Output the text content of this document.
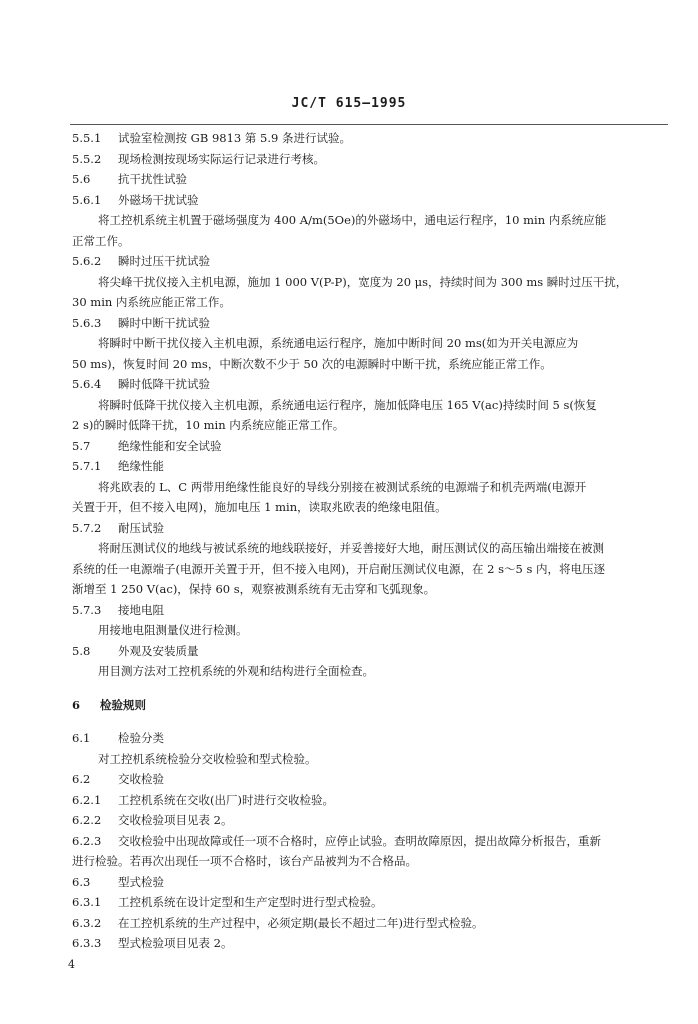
JC/T 615—1995
5.5.1 试验室检测按 GB 9813 第 5.9 条进行试验。
5.5.2 现场检测按现场实际运行记录进行考核。
5.6 抗干扰性试验
5.6.1 外磁场干扰试验
将工控机系统主机置于磁场强度为 400 A/m(5Oe)的外磁场中，通电运行程序，10 min 内系统应能
正常工作。
5.6.2 瞬时过压干扰试验
将尖峰干扰仪接入主机电源，施加 1 000 V(P-P)，宽度为 20 μs，持续时间为 300 ms 瞬时过压干扰，
30 min 内系统应能正常工作。
5.6.3 瞬时中断干扰试验
将瞬时中断干扰仪接入主机电源，系统通电运行程序，施加中断时间 20 ms(如为开关电源应为
50 ms)，恢复时间 20 ms，中断次数不少于 50 次的电源瞬时中断干扰，系统应能正常工作。
5.6.4 瞬时低降干扰试验
将瞬时低降干扰仪接入主机电源，系统通电运行程序，施加低降电压 165 V(ac)持续时间 5 s(恢复
2 s)的瞬时低降干扰，10 min 内系统应能正常工作。
5.7 绝缘性能和安全试验
5.7.1 绝缘性能
将兆欧表的 L、C 两带用绝缘性能良好的导线分别接在被测试系统的电源端子和机壳两端(电源开
关置于开，但不接入电网)，施加电压 1 min，读取兆欧表的绝缘电阻值。
5.7.2 耐压试验
将耐压测试仪的地线与被试系统的地线联接好，并妥善接好大地，耐压测试仪的高压输出端接在被测
系统的任一电源端子(电源开关置于开，但不接入电网)，开启耐压测试仪电源，在 2 s～5 s 内，将电压逐
渐增至 1 250 V(ac)，保持 60 s，观察被测系统有无击穿和飞弧现象。
5.7.3 接地电阻
用接地电阻测量仪进行检测。
5.8 外观及安装质量
用目测方法对工控机系统的外观和结构进行全面检查。
6 检验规则
6.1 检验分类
对工控机系统检验分交收检验和型式检验。
6.2 交收检验
6.2.1 工控机系统在交收(出厂)时进行交收检验。
6.2.2 交收检验项目见表 2。
6.2.3 交收检验中出现故障或任一项不合格时，应停止试验。查明故障原因，提出故障分析报告，重新
进行检验。若再次出现任一项不合格时，该台产品被判为不合格品。
6.3 型式检验
6.3.1 工控机系统在设计定型和生产定型时进行型式检验。
6.3.2 在工控机系统的生产过程中，必须定期(最长不超过二年)进行型式检验。
6.3.3 型式检验项目见表 2。
4
